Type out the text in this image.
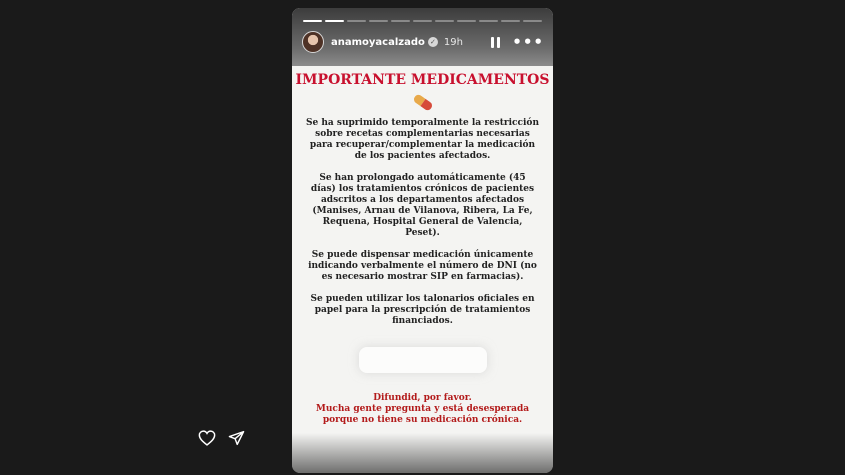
anamoyacalzado ✓ 19h	•••
IMPORTANTE MEDICAMENTOS

Se ha suprimido temporalmente la restricción sobre recetas complementarias necesarias para recuperar/complementar la medicación de los pacientes afectados.

Se han prolongado automáticamente (45 días) los tratamientos crónicos de pacientes adscritos a los departamentos afectados (Manises, Arnau de Vilanova, Ribera, La Fe, Requena, Hospital General de Valencia, Peset).

Se puede dispensar medicación únicamente indicando verbalmente el número de DNI (no es necesario mostrar SIP en farmacias).

Se pueden utilizar los talonarios oficiales en papel para la prescripción de tratamientos financiados.

Difundid, por favor.
Mucha gente pregunta y está desesperada
porque no tiene su medicación crónica.
